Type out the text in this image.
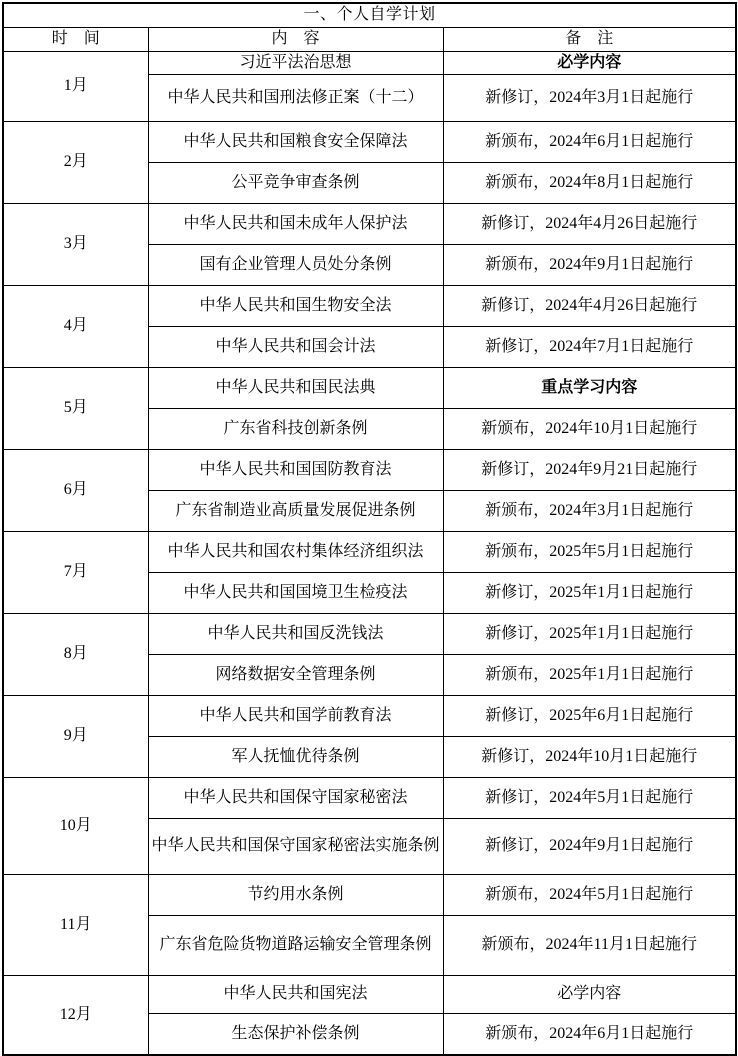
一、个人自学计划		
时　间	内　容	备　注
1月	习近平法治思想	必学内容
	中华人民共和国刑法修正案（十二）	新修订，2024年3月1日起施行
2月	中华人民共和国粮食安全保障法	新颁布，2024年6月1日起施行
	公平竞争审查条例	新颁布，2024年8月1日起施行
3月	中华人民共和国未成年人保护法	新修订，2024年4月26日起施行
	国有企业管理人员处分条例	新颁布，2024年9月1日起施行
4月	中华人民共和国生物安全法	新修订，2024年4月26日起施行
	中华人民共和国会计法	新修订，2024年7月1日起施行
5月	中华人民共和国民法典	重点学习内容
	广东省科技创新条例	新颁布，2024年10月1日起施行
6月	中华人民共和国国防教育法	新修订，2024年9月21日起施行
	广东省制造业高质量发展促进条例	新颁布，2024年3月1日起施行
7月	中华人民共和国农村集体经济组织法	新颁布，2025年5月1日起施行
	中华人民共和国国境卫生检疫法	新修订，2025年1月1日起施行
8月	中华人民共和国反洗钱法	新修订，2025年1月1日起施行
	网络数据安全管理条例	新颁布，2025年1月1日起施行
9月	中华人民共和国学前教育法	新修订，2025年6月1日起施行
	军人抚恤优待条例	新修订，2024年10月1日起施行
10月	中华人民共和国保守国家秘密法	新修订，2024年5月1日起施行
	中华人民共和国保守国家秘密法实施条例	新修订，2024年9月1日起施行
11月	节约用水条例	新颁布，2024年5月1日起施行
	广东省危险货物道路运输安全管理条例	新颁布，2024年11月1日起施行
12月	中华人民共和国宪法	必学内容
	生态保护补偿条例	新颁布，2024年6月1日起施行
